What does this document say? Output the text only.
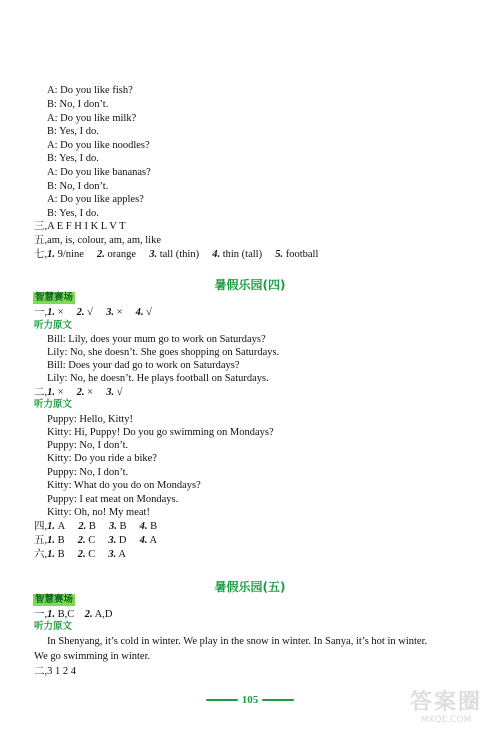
A: Do you like fish?
B: No, I don’t.
A: Do you like milk?
B: Yes, I do.
A: Do you like noodles?
B: Yes, I do.
A: Do you like bananas?
B: No, I don’t.
A: Do you like apples?
B: Yes, I do.
三,A E F H I K L V T
五,am, is, colour, am, am, like
七,1. 9/nine 2. orange 3. tall (thin) 4. thin (tall) 5. football
暑假乐园(四)
智慧赛场
一,1. × 2. √ 3. × 4. √
听力原文
Bill: Lily, does your mum go to work on Saturdays?
Lily: No, she doesn’t. She goes shopping on Saturdays.
Bill: Does your dad go to work on Saturdays?
Lily: No, he doesn’t. He plays football on Saturdays.
二,1. × 2. × 3. √
听力原文
Puppy: Hello, Kitty!
Kitty: Hi, Puppy! Do you go swimming on Mondays?
Puppy: No, I don’t.
Kitty: Do you ride a bike?
Puppy: No, I don’t.
Kitty: What do you do on Mondays?
Puppy: I eat meat on Mondays.
Kitty: Oh, no! My meat!
四,1. A 2. B 3. B 4. B
五,1. B 2. C 3. D 4. A
六,1. B 2. C 3. A
暑假乐园(五)
智慧赛场
一,1. B,C 2. A,D
听力原文
In Shenyang, it’s cold in winter. We play in the snow in winter. In Sanya, it’s hot in winter.
We go swimming in winter.
二,3 1 2 4
105	答案圈
MXQE.COM
